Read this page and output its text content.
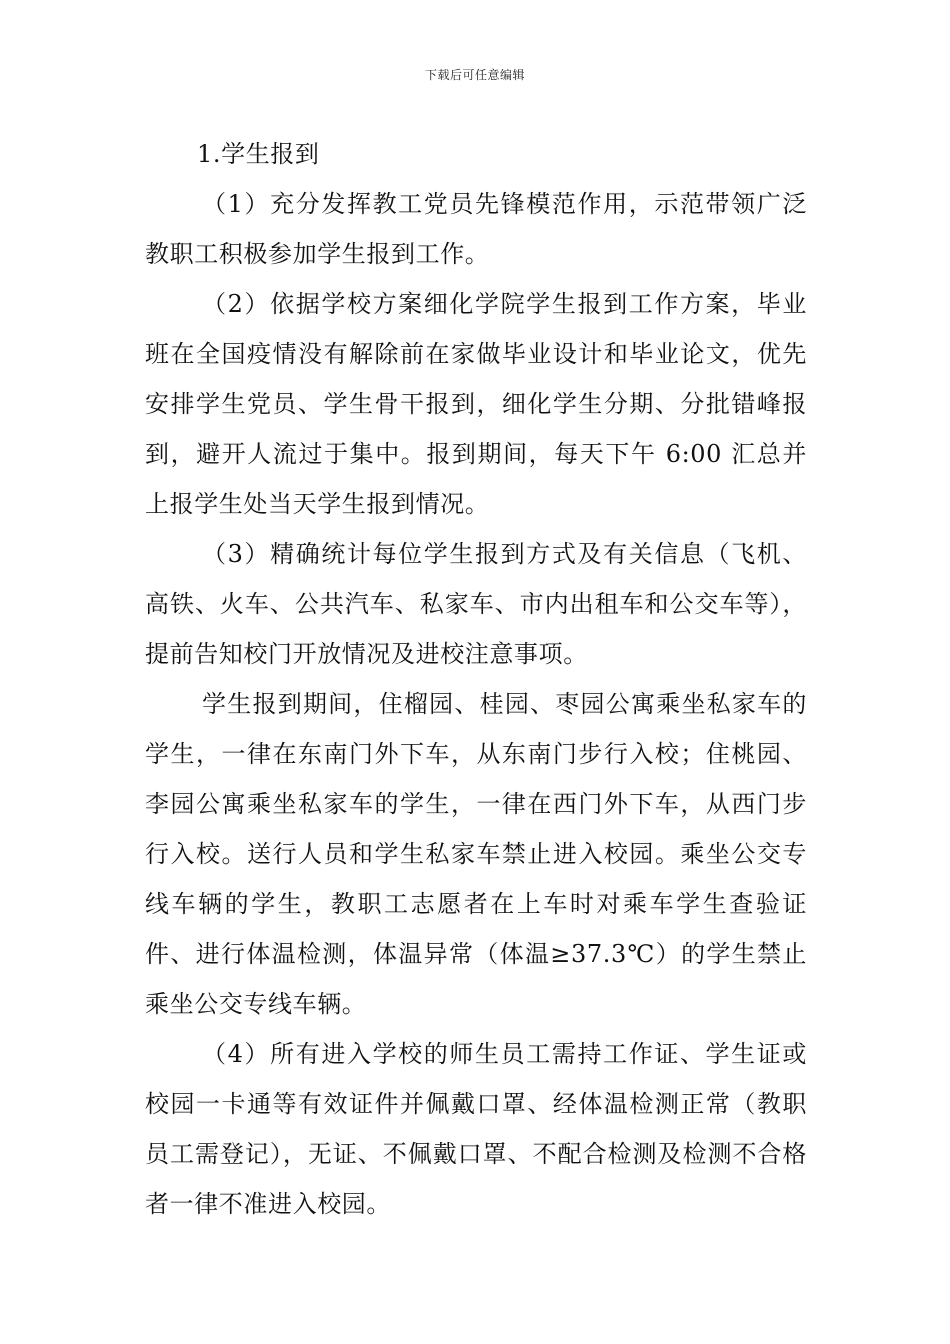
下载后可任意编辑

1.学生报到

（1）充分发挥教工党员先锋模范作用，示范带领广泛教职工积极参加学生报到工作。

（2）依据学校方案细化学院学生报到工作方案，毕业班在全国疫情没有解除前在家做毕业设计和毕业论文，优先安排学生党员、学生骨干报到，细化学生分期、分批错峰报到，避开人流过于集中。报到期间，每天下午 6:00 汇总并上报学生处当天学生报到情况。

（3）精确统计每位学生报到方式及有关信息（飞机、高铁、火车、公共汽车、私家车、市内出租车和公交车等），提前告知校门开放情况及进校注意事项。

学生报到期间，住榴园、桂园、枣园公寓乘坐私家车的学生，一律在东南门外下车，从东南门步行入校；住桃园、李园公寓乘坐私家车的学生，一律在西门外下车，从西门步行入校。送行人员和学生私家车禁止进入校园。乘坐公交专线车辆的学生，教职工志愿者在上车时对乘车学生查验证件、进行体温检测，体温异常（体温≥37.3℃）的学生禁止乘坐公交专线车辆。

（4）所有进入学校的师生员工需持工作证、学生证或校园一卡通等有效证件并佩戴口罩、经体温检测正常（教职员工需登记），无证、不佩戴口罩、不配合检测及检测不合格者一律不准进入校园。
